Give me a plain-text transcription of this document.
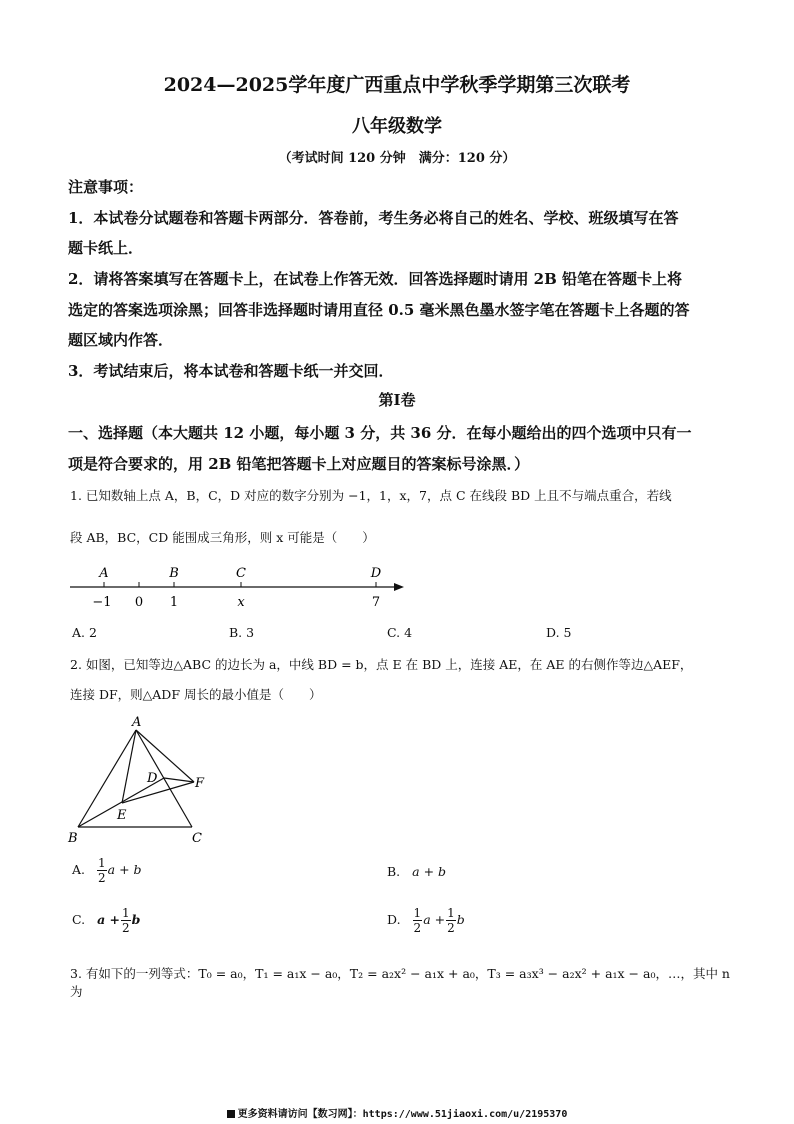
2024—2025学年度广西重点中学秋季学期第三次联考
八年级数学
（考试时间 120 分钟　满分：120 分）
注意事项：
1．本试卷分试题卷和答题卡两部分．答卷前，考生务必将自己的姓名、学校、班级填写在答
题卡纸上．
2．请将答案填写在答题卡上，在试卷上作答无效．回答选择题时请用 2B 铅笔在答题卡上将
选定的答案选项涂黑；回答非选择题时请用直径 0.5 毫米黑色墨水签字笔在答题卡上各题的答
题区域内作答．
3．考试结束后，将本试卷和答题卡纸一并交回．
第Ⅰ卷
一、选择题（本大题共 12 小题，每小题 3 分，共 36 分．在每小题给出的四个选项中只有一
项是符合要求的，用 2B 铅笔把答题卡上对应题目的答案标号涂黑．）
1. 已知数轴上点 A，B，C，D 对应的数字分别为 −1，1，x，7，点 C 在线段 BD 上且不与端点重合，若线
段 AB，BC，CD 能围成三角形，则 x 可能是（　　）
A	B	C	D
−1 0 1	x	7
A. 2	B. 3	C. 4	D. 5
2. 如图，已知等边△ABC 的边长为 a，中线 BD = b，点 E 在 BD 上，连接 AE，在 AE 的右侧作等边△AEF，
连接 DF，则△ADF 周长的最小值是（　　）
A
B	C
D
E
F
A. $\frac{1}{2}$ a + b	B. a + b
C. $a + \frac{1}{2}$ b	D. $\frac{1}{2}$ $a + \frac{1}{2}$ b
3. 有如下的一列等式：T₀ = a₀，T₁ = a₁x − a₀，T₂ = a₂x² − a₁x + a₀，T₃ = a₃x³ − a₂x² + a₁x − a₀，…，其中 n 为
更多资料请访问【数习网】：https://www.51jiaoxi.com/u/2195370
